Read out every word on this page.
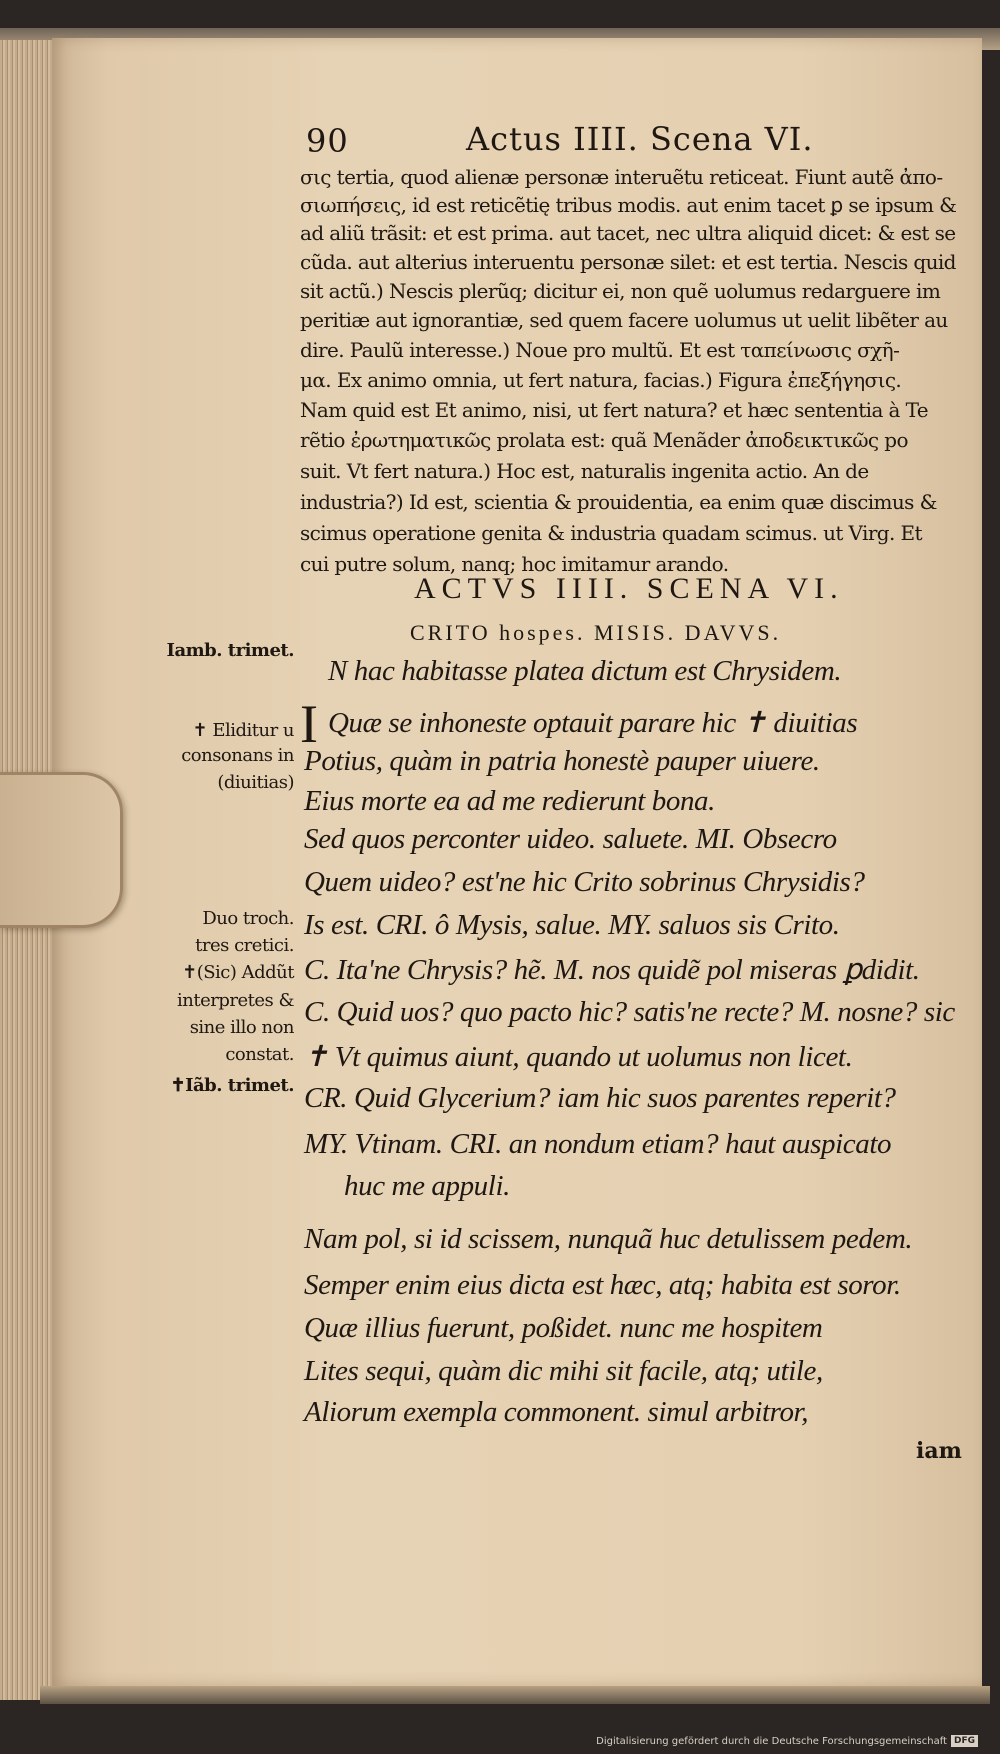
90	Actus IIII. Scena VI.
σις tertia, quod alienæ personæ interuẽtu reticeat. Fiunt autẽ ἀπο-
σιωπήσεις, id est reticẽtię tribus modis. aut enim tacet ꝑ se ipsum &
ad aliũ trãsit: et est prima. aut tacet, nec ultra aliquid dicet: & est se
cũda. aut alterius interuentu personæ silet: et est tertia. Nescis quid
sit actũ.) Nescis plerũq; dicitur ei, non quẽ uolumus redarguere im
peritiæ aut ignorantiæ, sed quem facere uolumus ut uelit libẽter au
dire. Paulũ interesse.) Noue pro multũ. Et est ταπείνωσις σχῆ-
μα. Ex animo omnia, ut fert natura, facias.) Figura ἐπεξήγησις.
Nam quid est Et animo, nisi, ut fert natura? et hæc sententia à Te
rẽtio ἐρωτηματικῶς prolata est: quã Menãder ἀποδεικτικῶς po
suit. Vt fert natura.) Hoc est, naturalis ingenita actio. An de
industria?) Id est, scientia & prouidentia, ea enim quæ discimus &
scimus operatione genita & industria quadam scimus. ut Virg. Et
cui putre solum, nanq; hoc imitamur arando.
ACTVS IIII. SCENA VI.
CRITO hospes. MISIS. DAVVS.
I
N hac habitasse platea dictum est Chrysidem.
Quæ se inhoneste optauit parare hic ✝ diuitias
Potius, quàm in patria honestè pauper uiuere.
Eius morte ea ad me redierunt bona.
Sed quos perconter uideo. saluete. MI. Obsecro
Quem uideo? est'ne hic Crito sobrinus Chrysidis?
Is est. CRI. ô Mysis, salue. MY. saluos sis Crito.
C. Ita'ne Chrysis? hẽ. M. nos quidẽ pol miseras ꝑdidit.
C. Quid uos? quo pacto hic? satis'ne recte? M. nosne? sic
✝ Vt quimus aiunt, quando ut uolumus non licet.
CR. Quid Glycerium? iam hic suos parentes reperit?
MY. Vtinam. CRI. an nondum etiam? haut auspicato
huc me appuli.
Nam pol, si id scissem, nunquã huc detulissem pedem.
Semper enim eius dicta est hæc, atq; habita est soror.
Quæ illius fuerunt, poßidet. nunc me hospitem
Lites sequi, quàm dic mihi sit facile, atq; utile,
Aliorum exempla commonent. simul arbitror,
iam
Iamb. trimet.
✝ Eliditur u
consonans in
(diuitias)
Duo troch.
tres cretici.
✝(Sic) Addũt
interpretes &
sine illo non
constat.
✝Iãb. trimet.
Digitalisierung gefördert durch die Deutsche Forschungsgemeinschaft DFG
